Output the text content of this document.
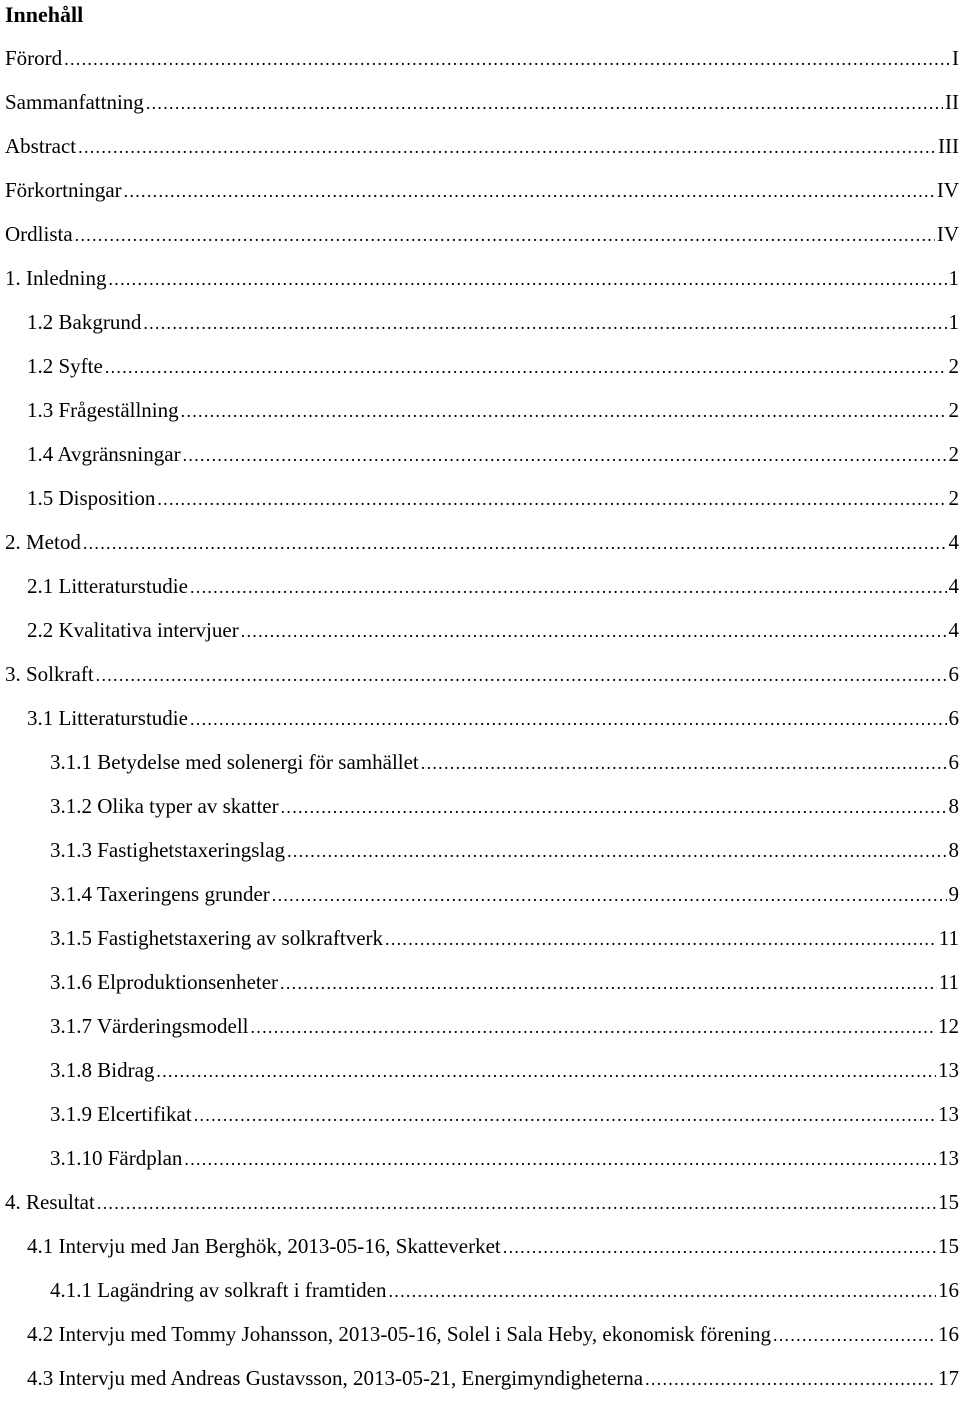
Innehåll
Förord . . .	I
Sammanfattning . . .	II
Abstract . . .	III
Förkortningar . . .	IV
Ordlista . . .	IV
1. Inledning . . .	1
1.2 Bakgrund . . .	1
1.2 Syfte . . .	2
1.3 Frågeställning . . .	2
1.4 Avgränsningar . . .	2
1.5 Disposition . . .	2
2. Metod . . .	4
2.1 Litteraturstudie . . .	4
2.2 Kvalitativa intervjuer . . .	4
3. Solkraft . . .	6
3.1 Litteraturstudie . . .	6
3.1.1 Betydelse med solenergi för samhället . . .	6
3.1.2 Olika typer av skatter . . .	8
3.1.3 Fastighetstaxeringslag . . .	8
3.1.4 Taxeringens grunder . . .	9
3.1.5 Fastighetstaxering av solkraftverk . . .	11
3.1.6 Elproduktionsenheter . . .	11
3.1.7 Värderingsmodell . . .	12
3.1.8 Bidrag . . .	13
3.1.9 Elcertifikat . . .	13
3.1.10 Färdplan . . .	13
4. Resultat . . .	15
4.1 Intervju med Jan Berghök, 2013-05-16, Skatteverket . . .	15
4.1.1 Lagändring av solkraft i framtiden . . .	16
4.2 Intervju med Tommy Johansson, 2013-05-16, Solel i Sala Heby, ekonomisk förening . . .	16
4.3 Intervju med Andreas Gustavsson, 2013-05-21, Energimyndigheterna . . .	17
